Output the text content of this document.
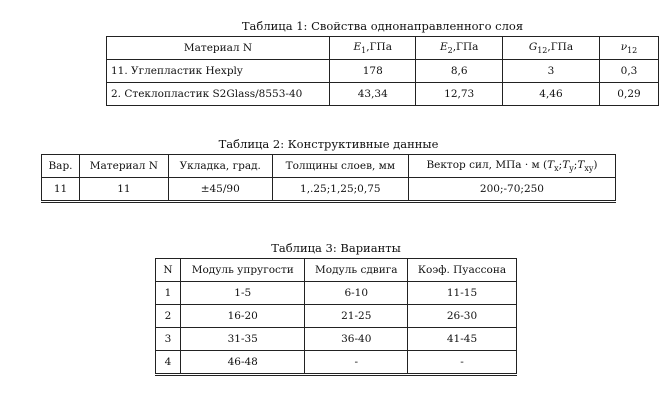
Таблица 1: Свойства однонаправленного слоя
Материал N	$E_1,ГПа$	$E_2,ГПа$	$G_{12},ГПа$	$\nu_{12}$
11. Углепластик Hexply	178	8,6	3	0,3
2. Стеклопластик S2Glass/8553-40	43,34	12,73	4,46	0,29
Таблица 2: Конструктивные данные
Вар.	Материал N	Укладка, град.	Толщины слоев, мм	Вектор сил, МПа · м $(T_x;T_y;T_{xy})$
11	11	±45/90	1,.25;1,25;0,75	200;-70;250
Таблица 3: Варианты
N	Модуль упругости	Модуль сдвига	Коэф. Пуассона
1	1-5	6-10	11-15
2	16-20	21-25	26-30
3	31-35	36-40	41-45
4	46-48	-	-
